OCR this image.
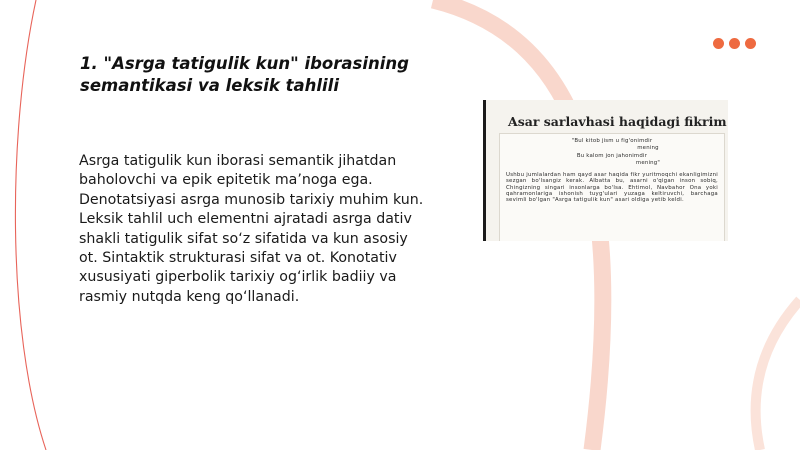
1. "Asrga tatigulik kun" iborasining semantikasi va leksik tahlili
Asrga tatigulik kun iborasi semantik jihatdan baholovchi va epik epitetik ma’noga ega. Denotatsiyasi asrga munosib tarixiy muhim kun. Leksik tahlil uch elementni ajratadi asrga dativ shakli tatigulik sifat so‘z sifatida va kun asosiy ot. Sintaktik strukturasi sifat va ot. Konotativ xususiyati giperbolik tarixiy og‘irlik badiiy va rasmiy nutqda keng qo‘llanadi.
Asar sarlavhasi haqidagi fikrim
"Bul kitob jism u fig'onimdir
mening
Bu kalom jon jahonimdir
mening"
Ushbu jumlalardan ham qayd asar haqida fikr yuritmoqchi ekanligimizni sezgan bo'lsangiz kerak. Albatta bu, asarni o'qigan inson sobiq, Chingizning singari insonlarga bo'lsa. Ehtimol, Navbahor Ona yoki qahramonlariga ishonish tuyg'ulari yuzaga keltiruvchi, barchaga sevimli bo'lgan "Asrga tatigulik kun" asari oldiga yetib keldi.
